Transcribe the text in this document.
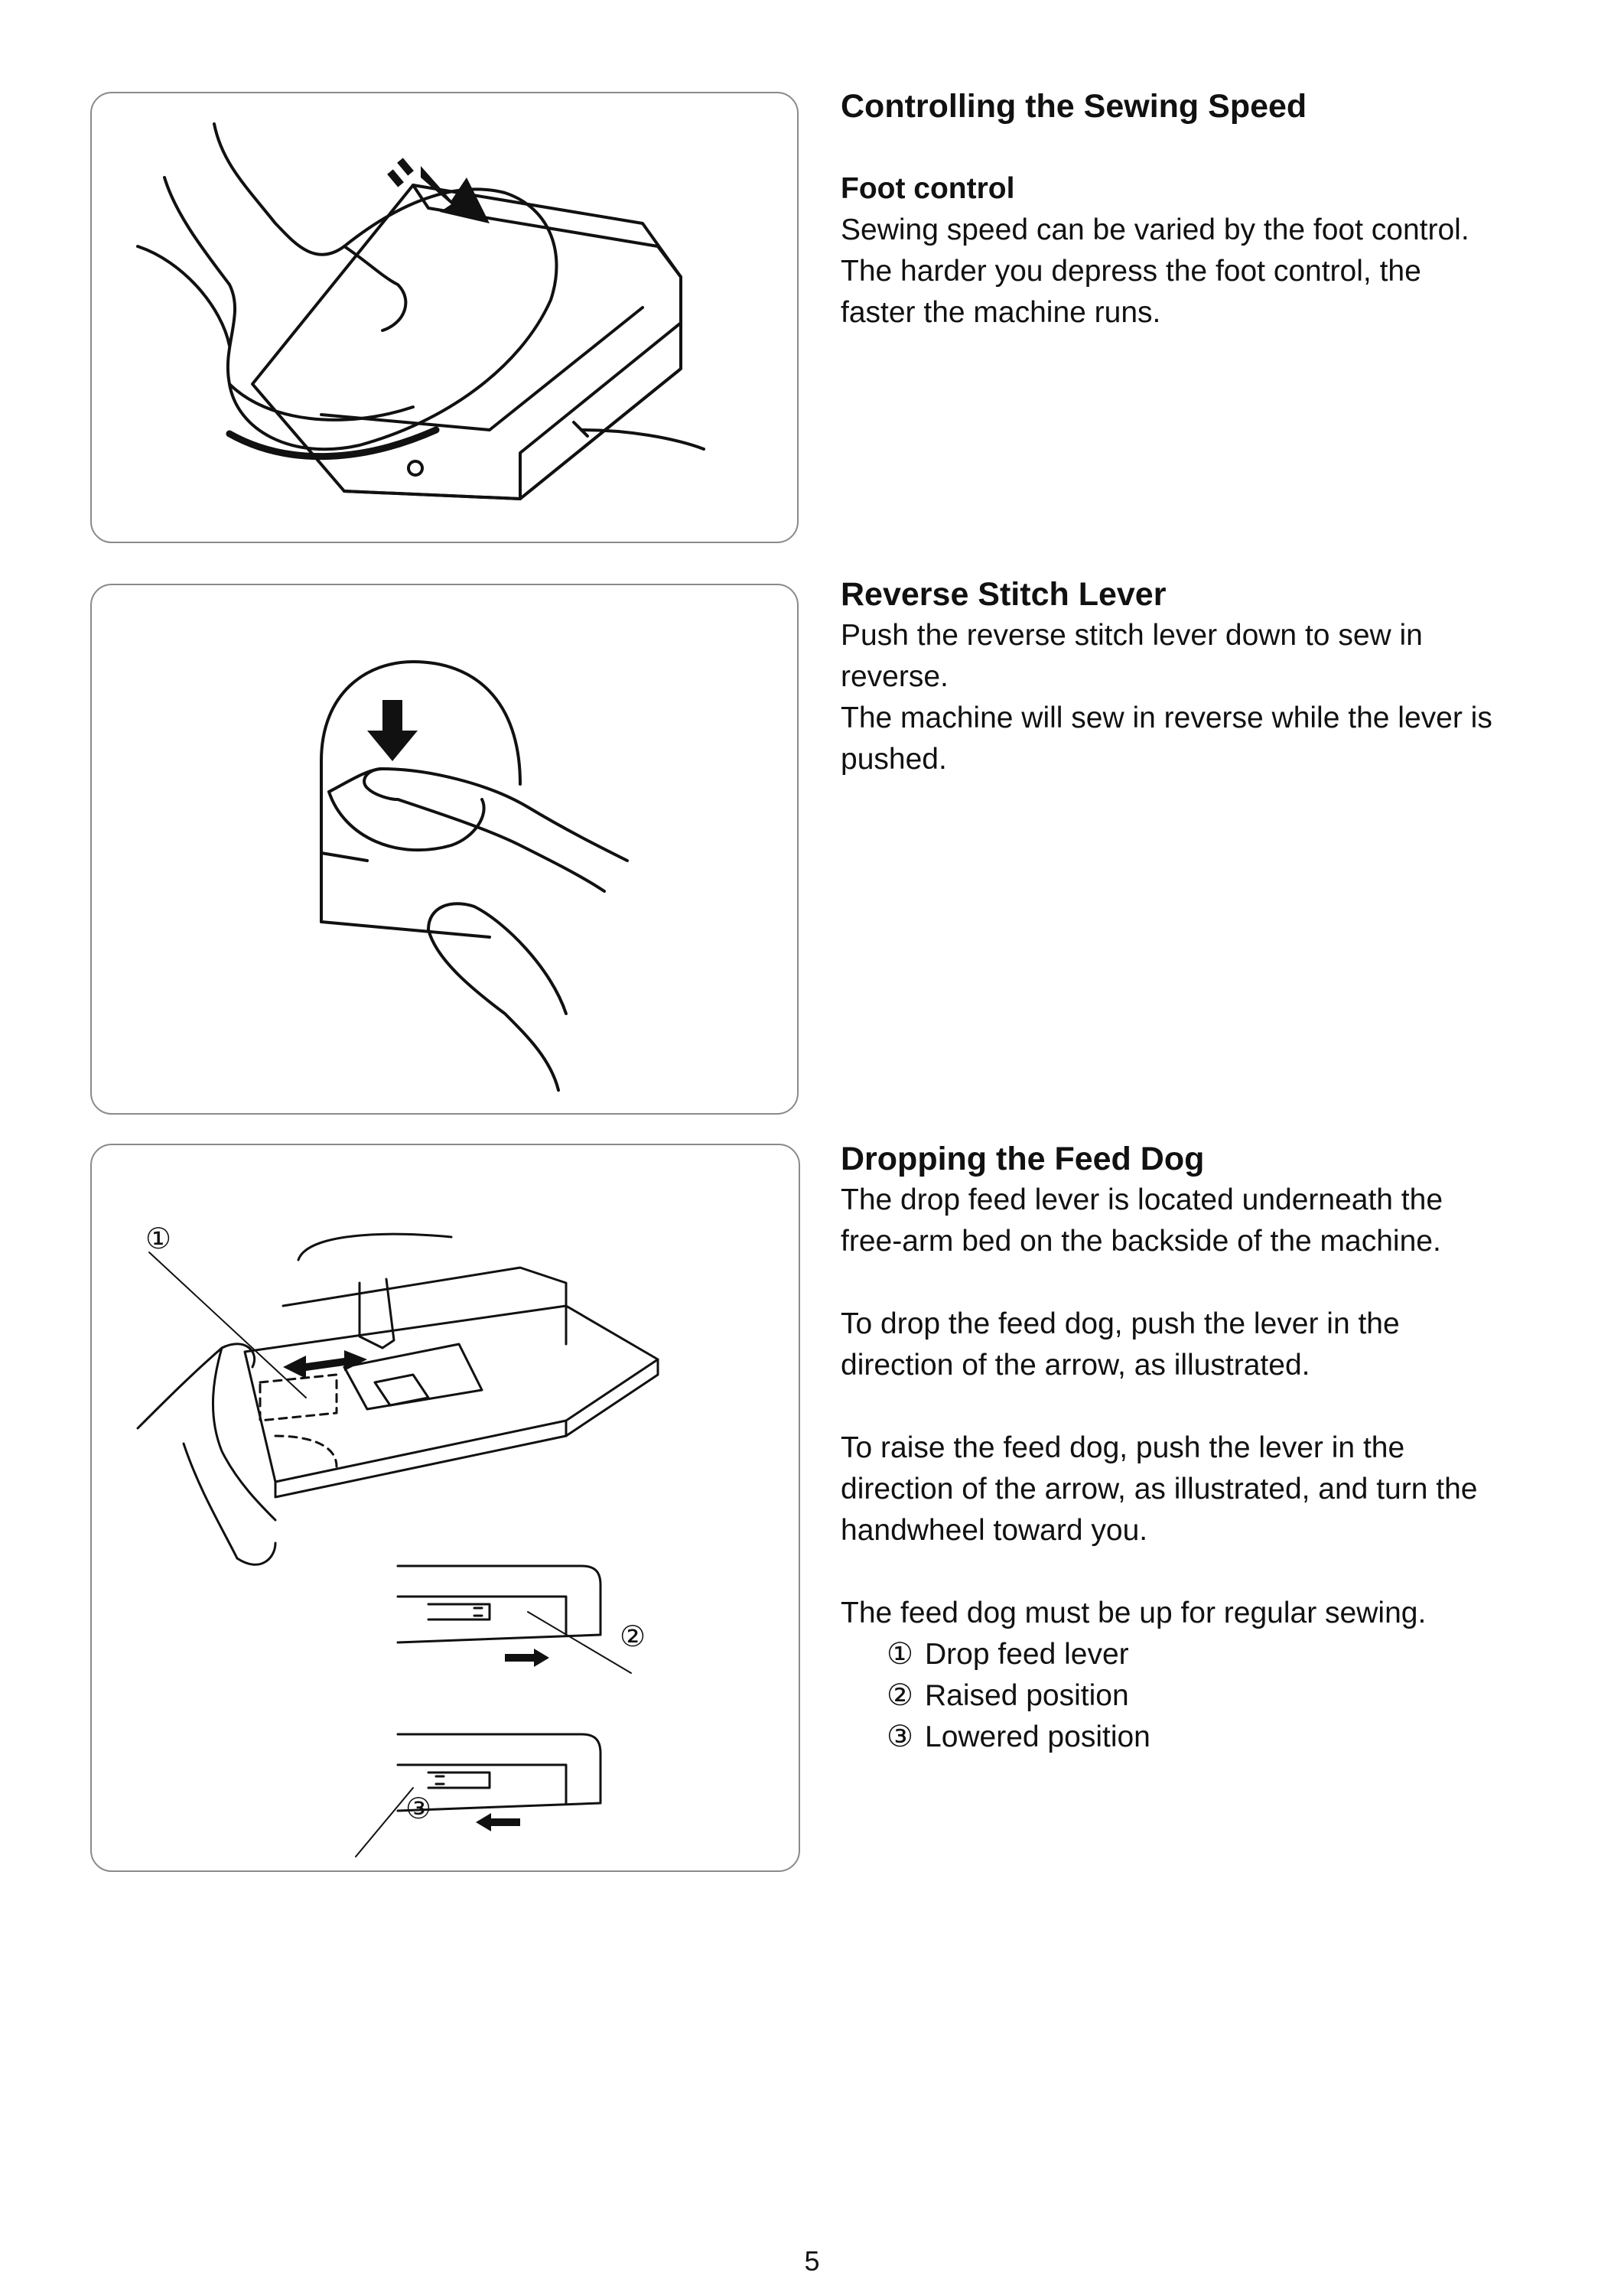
①
②
③
Controlling the Sewing Speed
Foot control

Sewing speed can be varied by the foot control.
The harder you depress the foot control, the
faster the machine runs.

Reverse Stitch Lever

Push the reverse stitch lever down to sew in
reverse.
The machine will sew in reverse while the lever is
pushed.

Dropping the Feed Dog

The drop feed lever is located underneath the
free-arm bed on the backside of the machine.

To drop the feed dog, push the lever in the
direction of the arrow, as illustrated.

To raise the feed dog, push the lever in the
direction of the arrow, as illustrated, and turn the
handwheel toward you.

The feed dog must be up for regular sewing.

① Drop feed lever
② Raised position
③ Lowered position
5
